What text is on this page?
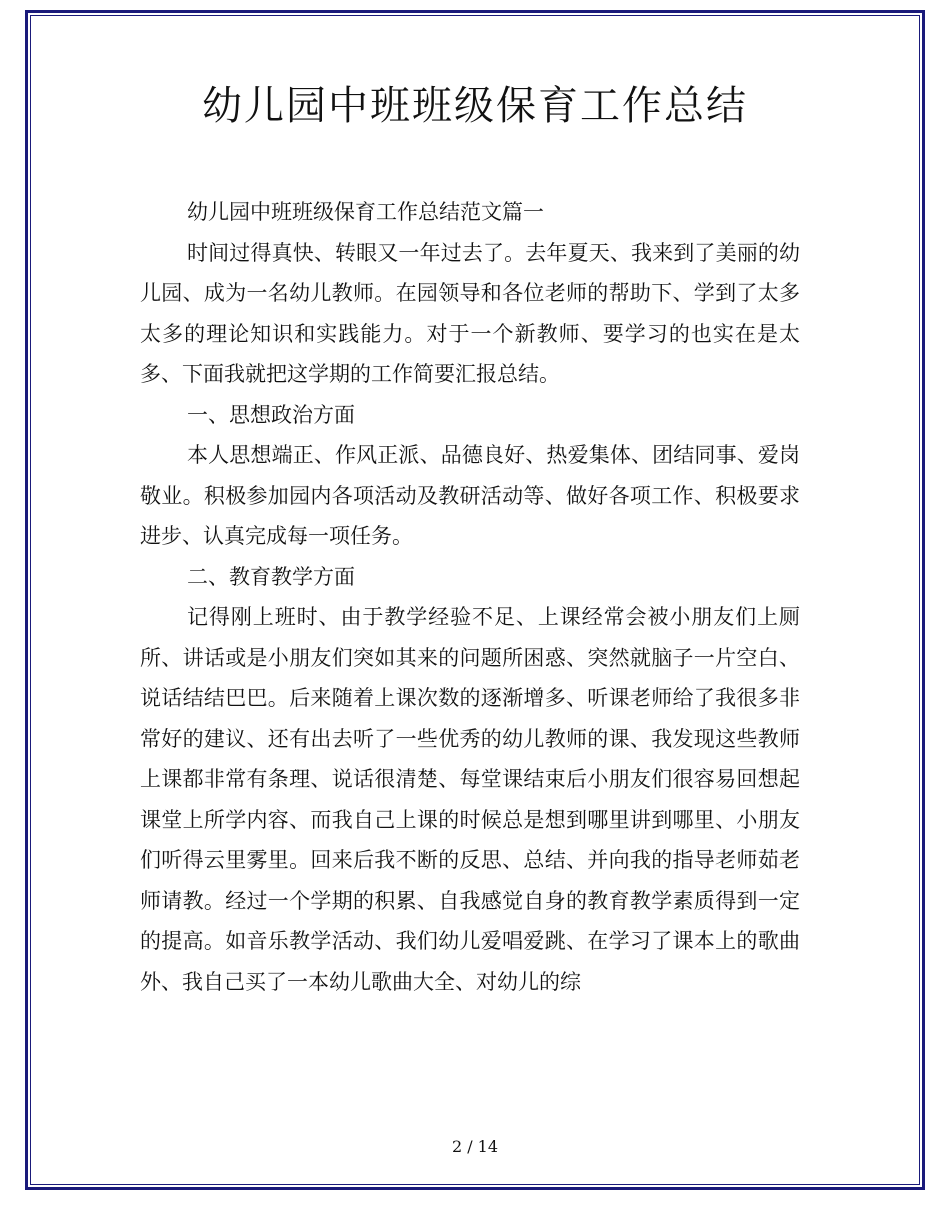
幼儿园中班班级保育工作总结

幼儿园中班班级保育工作总结范文篇一

时间过得真快、转眼又一年过去了。去年夏天、我来到了美丽的幼儿园、成为一名幼儿教师。在园领导和各位老师的帮助下、学到了太多太多的理论知识和实践能力。对于一个新教师、要学习的也实在是太多、下面我就把这学期的工作简要汇报总结。

一、思想政治方面

本人思想端正、作风正派、品德良好、热爱集体、团结同事、爱岗敬业。积极参加园内各项活动及教研活动等、做好各项工作、积极要求进步、认真完成每一项任务。

二、教育教学方面

记得刚上班时、由于教学经验不足、上课经常会被小朋友们上厕所、讲话或是小朋友们突如其来的问题所困惑、突然就脑子一片空白、说话结结巴巴。后来随着上课次数的逐渐增多、听课老师给了我很多非常好的建议、还有出去听了一些优秀的幼儿教师的课、我发现这些教师上课都非常有条理、说话很清楚、每堂课结束后小朋友们很容易回想起课堂上所学内容、而我自己上课的时候总是想到哪里讲到哪里、小朋友们听得云里雾里。回来后我不断的反思、总结、并向我的指导老师茹老师请教。经过一个学期的积累、自我感觉自身的教育教学素质得到一定的提高。如音乐教学活动、我们幼儿爱唱爱跳、在学习了课本上的歌曲外、我自己买了一本幼儿歌曲大全、对幼儿的综

2 / 14
